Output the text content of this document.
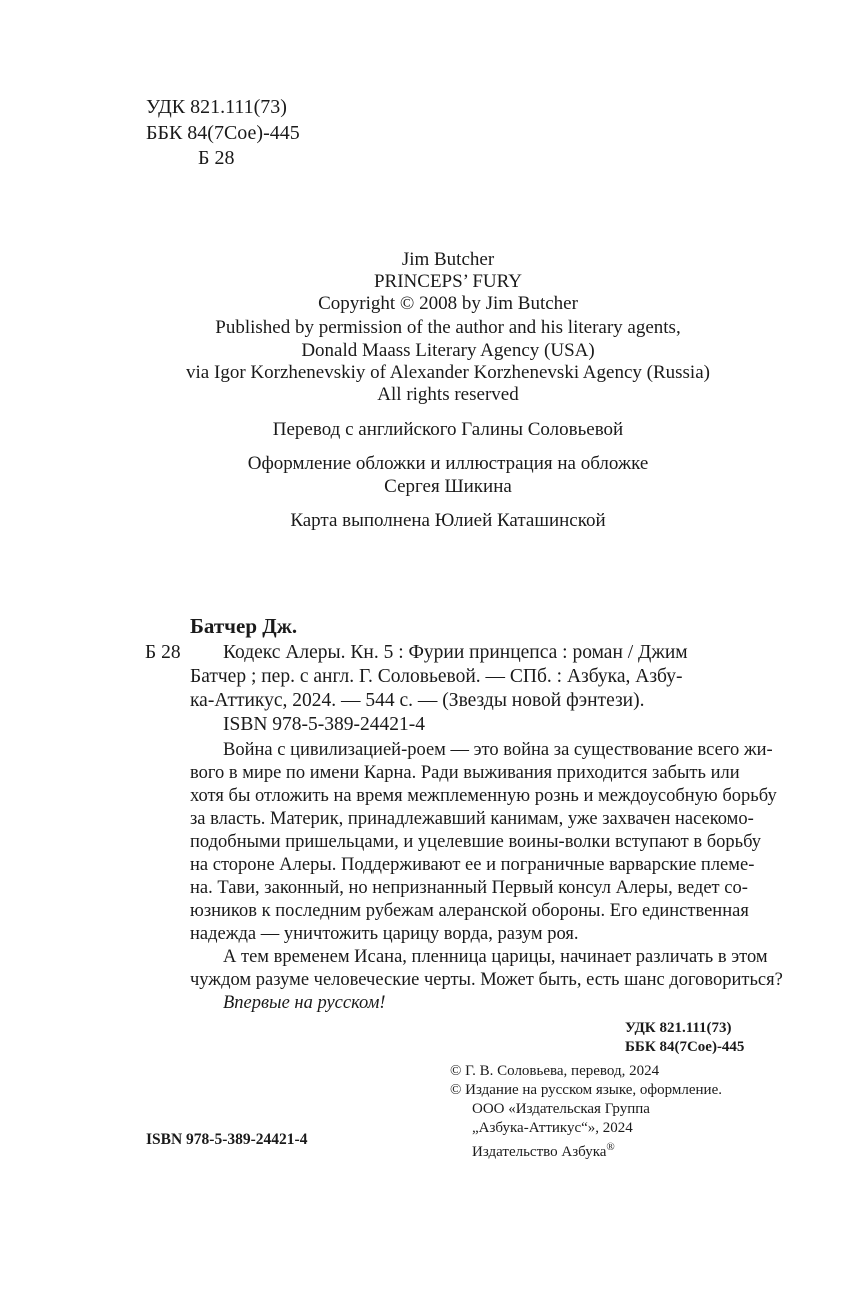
УДК 821.111(73)
ББК 84(7Сое)-445
Б 28
Jim Butcher
PRINCEPS’ FURY
Copyright © 2008 by Jim Butcher
Published by permission of the author and his literary agents,
Donald Maass Literary Agency (USA)
via Igor Korzhenevskiy of Alexander Korzhenevski Agency (Russia)
All rights reserved
Перевод с английского Галины Соловьевой
Оформление обложки и иллюстрация на обложке
Сергея Шикина
Карта выполнена Юлией Каташинской
Батчер Дж.
Б 28 Кодекс Алеры. Кн. 5 : Фурии принцепса : роман / Джим
Батчер ; пер. с англ. Г. Соловьевой. — СПб. : Азбука, Азбу-
ка-Аттикус, 2024. — 544 с. — (Звезды новой фэнтези).
ISBN 978-5-389-24421-4
Война с цивилизацией-роем — это война за существование всего жи-
вого в мире по имени Карна. Ради выживания приходится забыть или
хотя бы отложить на время межплеменную рознь и междоусобную борьбу
за власть. Материк, принадлежавший канимам, уже захвачен насекомо-
подобными пришельцами, и уцелевшие воины-волки вступают в борьбу
на стороне Алеры. Поддерживают ее и пограничные варварские племе-
на. Тави, законный, но непризнанный Первый консул Алеры, ведет со-
юзников к последним рубежам алеранской обороны. Его единственная
надежда — уничтожить царицу ворда, разум роя.
А тем временем Исана, пленница царицы, начинает различать в этом
чуждом разуме человеческие черты. Может быть, есть шанс договориться?
Впервые на русском!
УДК 821.111(73)
ББК 84(7Сое)-445
© Г. В. Соловьева, перевод, 2024
© Издание на русском языке, оформление.
ООО «Издательская Группа
„Азбука-Аттикус“», 2024
Издательство Азбука®
ISBN 978-5-389-24421-4
